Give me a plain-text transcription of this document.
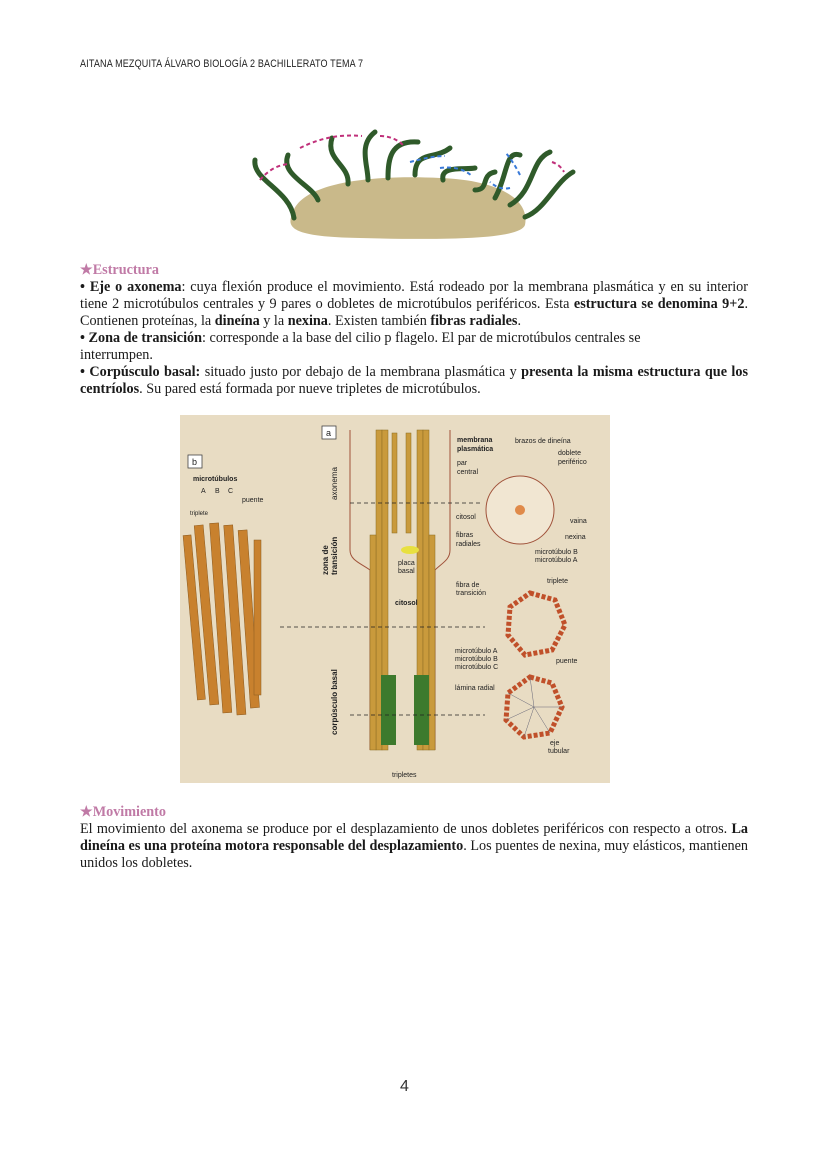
AITANA MEZQUITA ÁLVARO BIOLOGÍA 2 BACHILLERATO TEMA 7
★Estructura

• Eje o axonema: cuya flexión produce el movimiento. Está rodeado por la membrana plasmática y en su interior tiene 2 microtúbulos centrales y 9 pares o dobletes de microtúbulos periféricos. Esta estructura se denomina 9+2. Contienen proteínas, la dineína y la nexina. Existen también fibras radiales.

• Zona de transición: corresponde a la base del cilio p flagelo. El par de microtúbulos centrales se interrumpen.

• Corpúsculo basal: situado justo por debajo de la membrana plasmática y presenta la misma estructura que los centríolos. Su pared está formada por nueve tripletes de microtúbulos.

b
microtúbulos
A B C
triplete
puente
a
axonema
zona de transición
corpúsculo basal
placa
basal
citosol
membrana
plasmática
par
central
citosol
fibras
radiales
brazos de dineína
doblete
periférico
vaina
nexina
microtúbulo B
microtúbulo A
fibra de
transición
triplete
puente
microtúbulo A
microtúbulo B
microtúbulo C
lámina radial
eje
tubular
tripletes
★Movimiento

El movimiento del axonema se produce por el desplazamiento de unos dobletes periféricos con respecto a otros. La dineína es una proteína motora responsable del desplazamiento. Los puentes de nexina, muy elásticos, mantienen unidos los dobletes.

4
